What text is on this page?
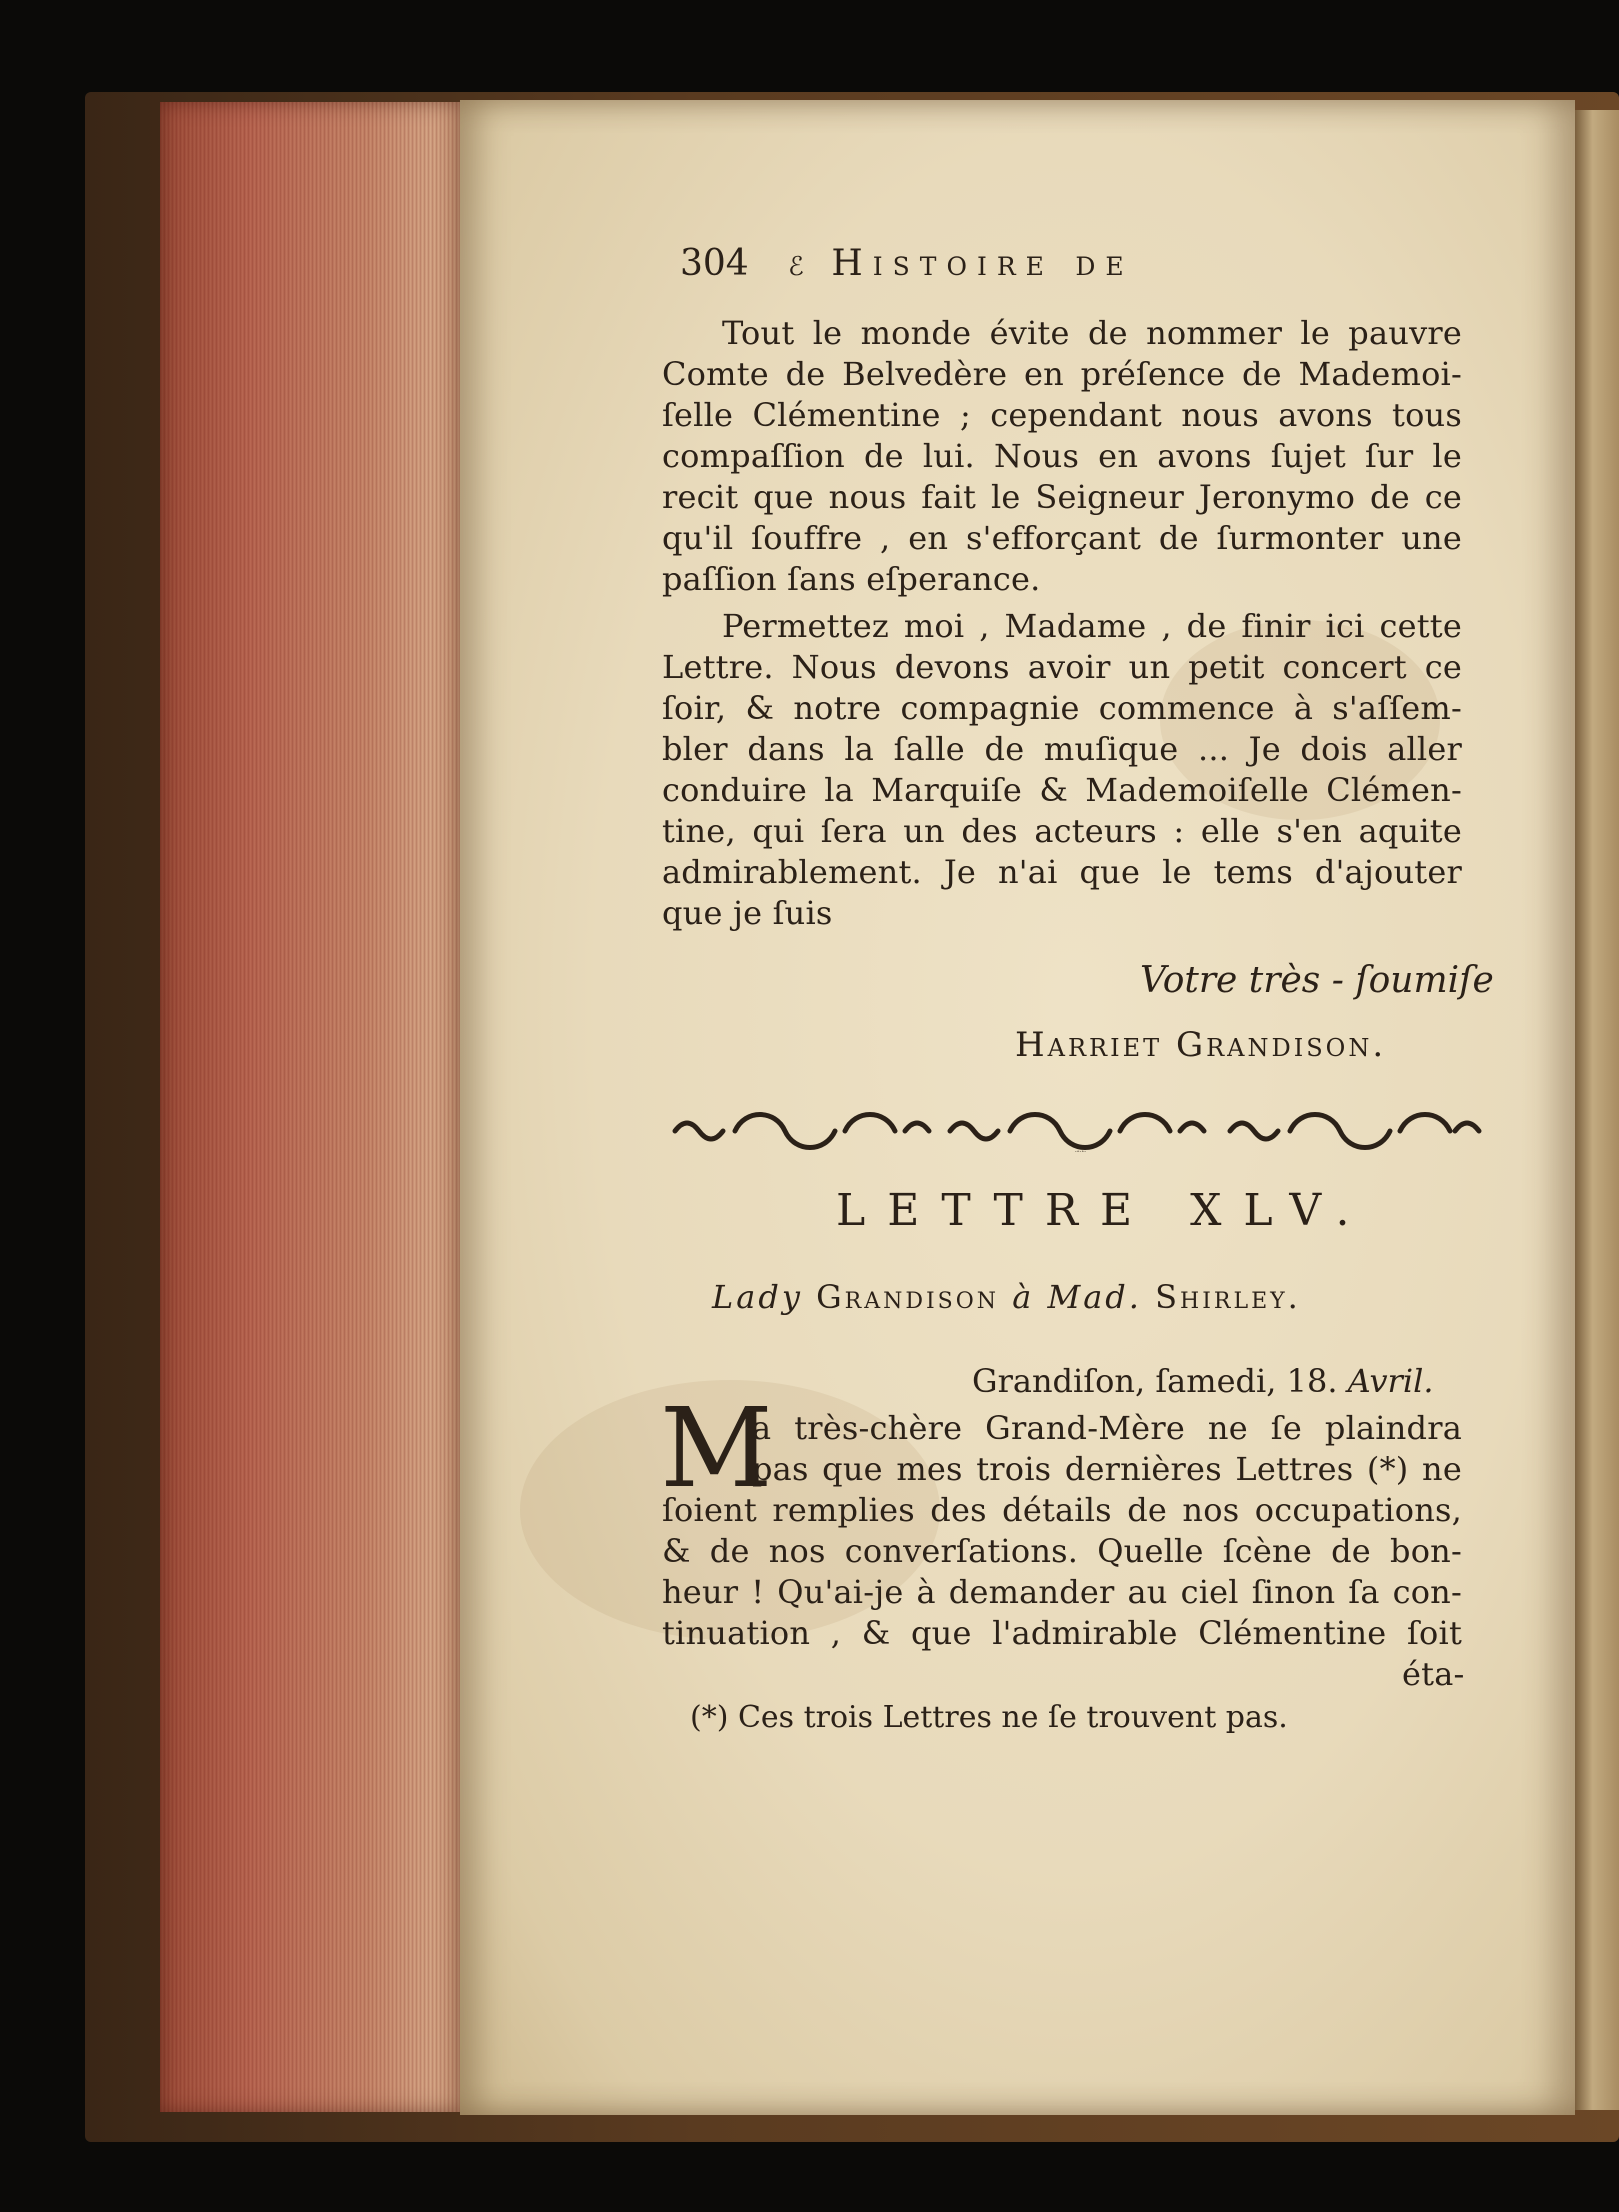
304 ℰ Histoire de
Tout le monde évite de nommer le pauvre
Comte de Belvedère en préſence de Mademoi-
ſelle Clémentine ; cependant nous avons tous
compaſſion de lui. Nous en avons ſujet ſur le
recit que nous fait le Seigneur Jeronymo de ce
qu'il ſouffre , en s'efforçant de ſurmonter une
paſſion ſans eſperance.
Permettez moi , Madame , de finir ici cette
Lettre. Nous devons avoir un petit concert ce
ſoir, & notre compagnie commence à s'aſſem-
bler dans la ſalle de muſique ... Je dois aller
conduire la Marquiſe & Mademoiſelle Clémen-
tine, qui ſera un des acteurs : elle s'en aquite
admirablement. Je n'ai que le tems d'ajouter
que je ſuis
Votre très - ſoumiſe
Harriet Grandison.
❧ ✿ ❧ ✿ ❧
LETTRE XLV.
Lady Grandison à Mad. Shirley.
Grandiſon, ſamedi, 18. Avril.
M
a très-chère Grand-Mère ne ſe plaindra
pas que mes trois dernières Lettres (*) ne
ſoient remplies des détails de nos occupations,
& de nos converſations. Quelle ſcène de bon-
heur ! Qu'ai-je à demander au ciel ſinon ſa con-
tinuation , & que l'admirable Clémentine ſoit
éta-
(*) Ces trois Lettres ne ſe trouvent pas.
